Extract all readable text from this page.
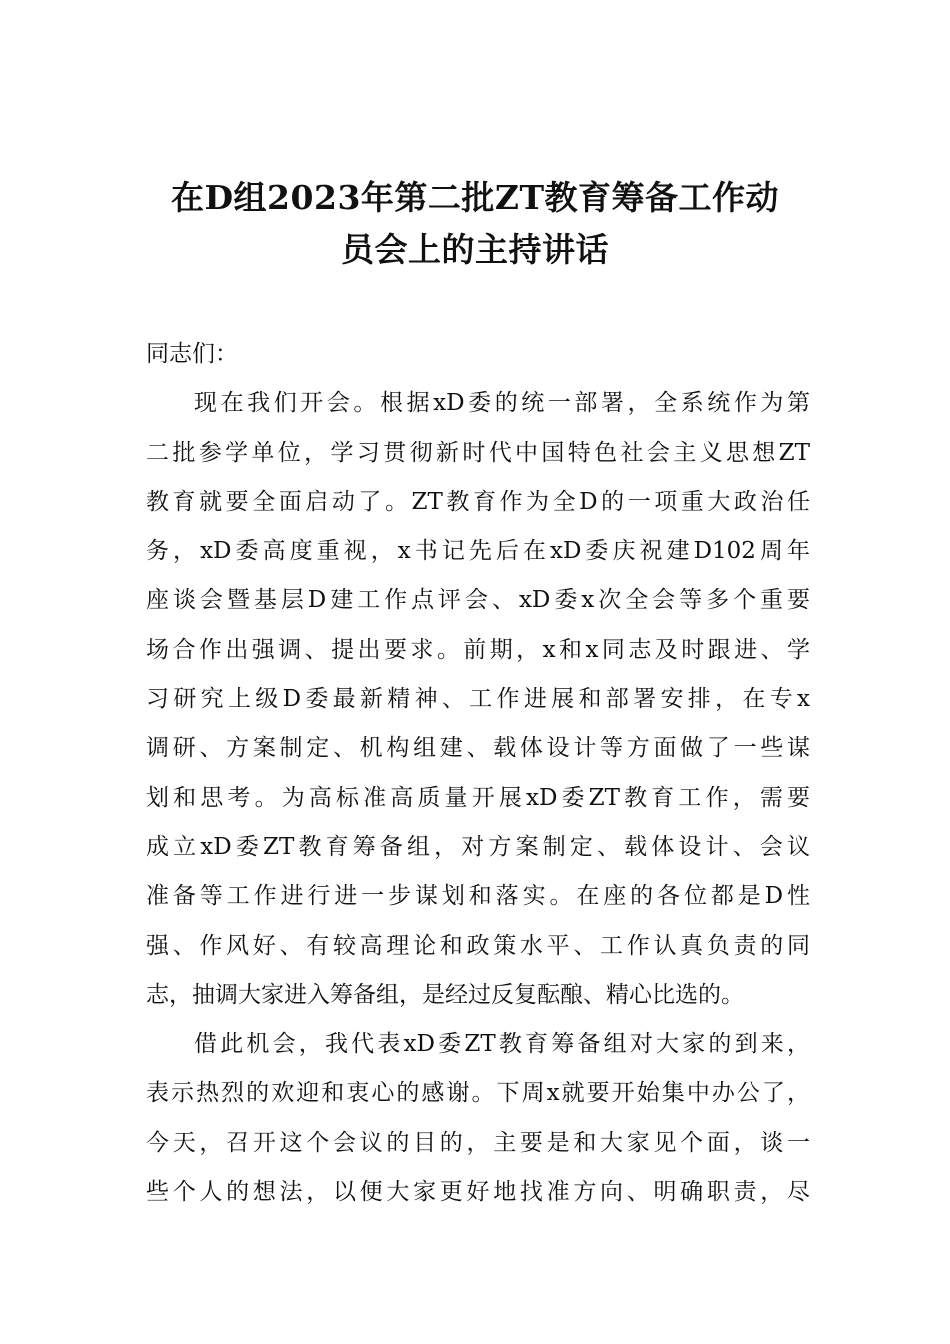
在D组2023年第二批ZT教育筹备工作动
员会上的主持讲话
同志们：
现在我们开会。根据xD委的统一部署，全系统作为第
二批参学单位，学习贯彻新时代中国特色社会主义思想ZT
教育就要全面启动了。ZT教育作为全D的一项重大政治任
务，xD委高度重视，x书记先后在xD委庆祝建D102周年
座谈会暨基层D建工作点评会、xD委x次全会等多个重要
场合作出强调、提出要求。前期，x和x同志及时跟进、学
习研究上级D委最新精神、工作进展和部署安排，在专x
调研、方案制定、机构组建、载体设计等方面做了一些谋
划和思考。为高标准高质量开展xD委ZT教育工作，需要
成立xD委ZT教育筹备组，对方案制定、载体设计、会议
准备等工作进行进一步谋划和落实。在座的各位都是D性
强、作风好、有较高理论和政策水平、工作认真负责的同
志，抽调大家进入筹备组，是经过反复酝酿、精心比选的。
借此机会，我代表xD委ZT教育筹备组对大家的到来，
表示热烈的欢迎和衷心的感谢。下周x就要开始集中办公了，
今天，召开这个会议的目的，主要是和大家见个面，谈一
些个人的想法，以便大家更好地找准方向、明确职责，尽
